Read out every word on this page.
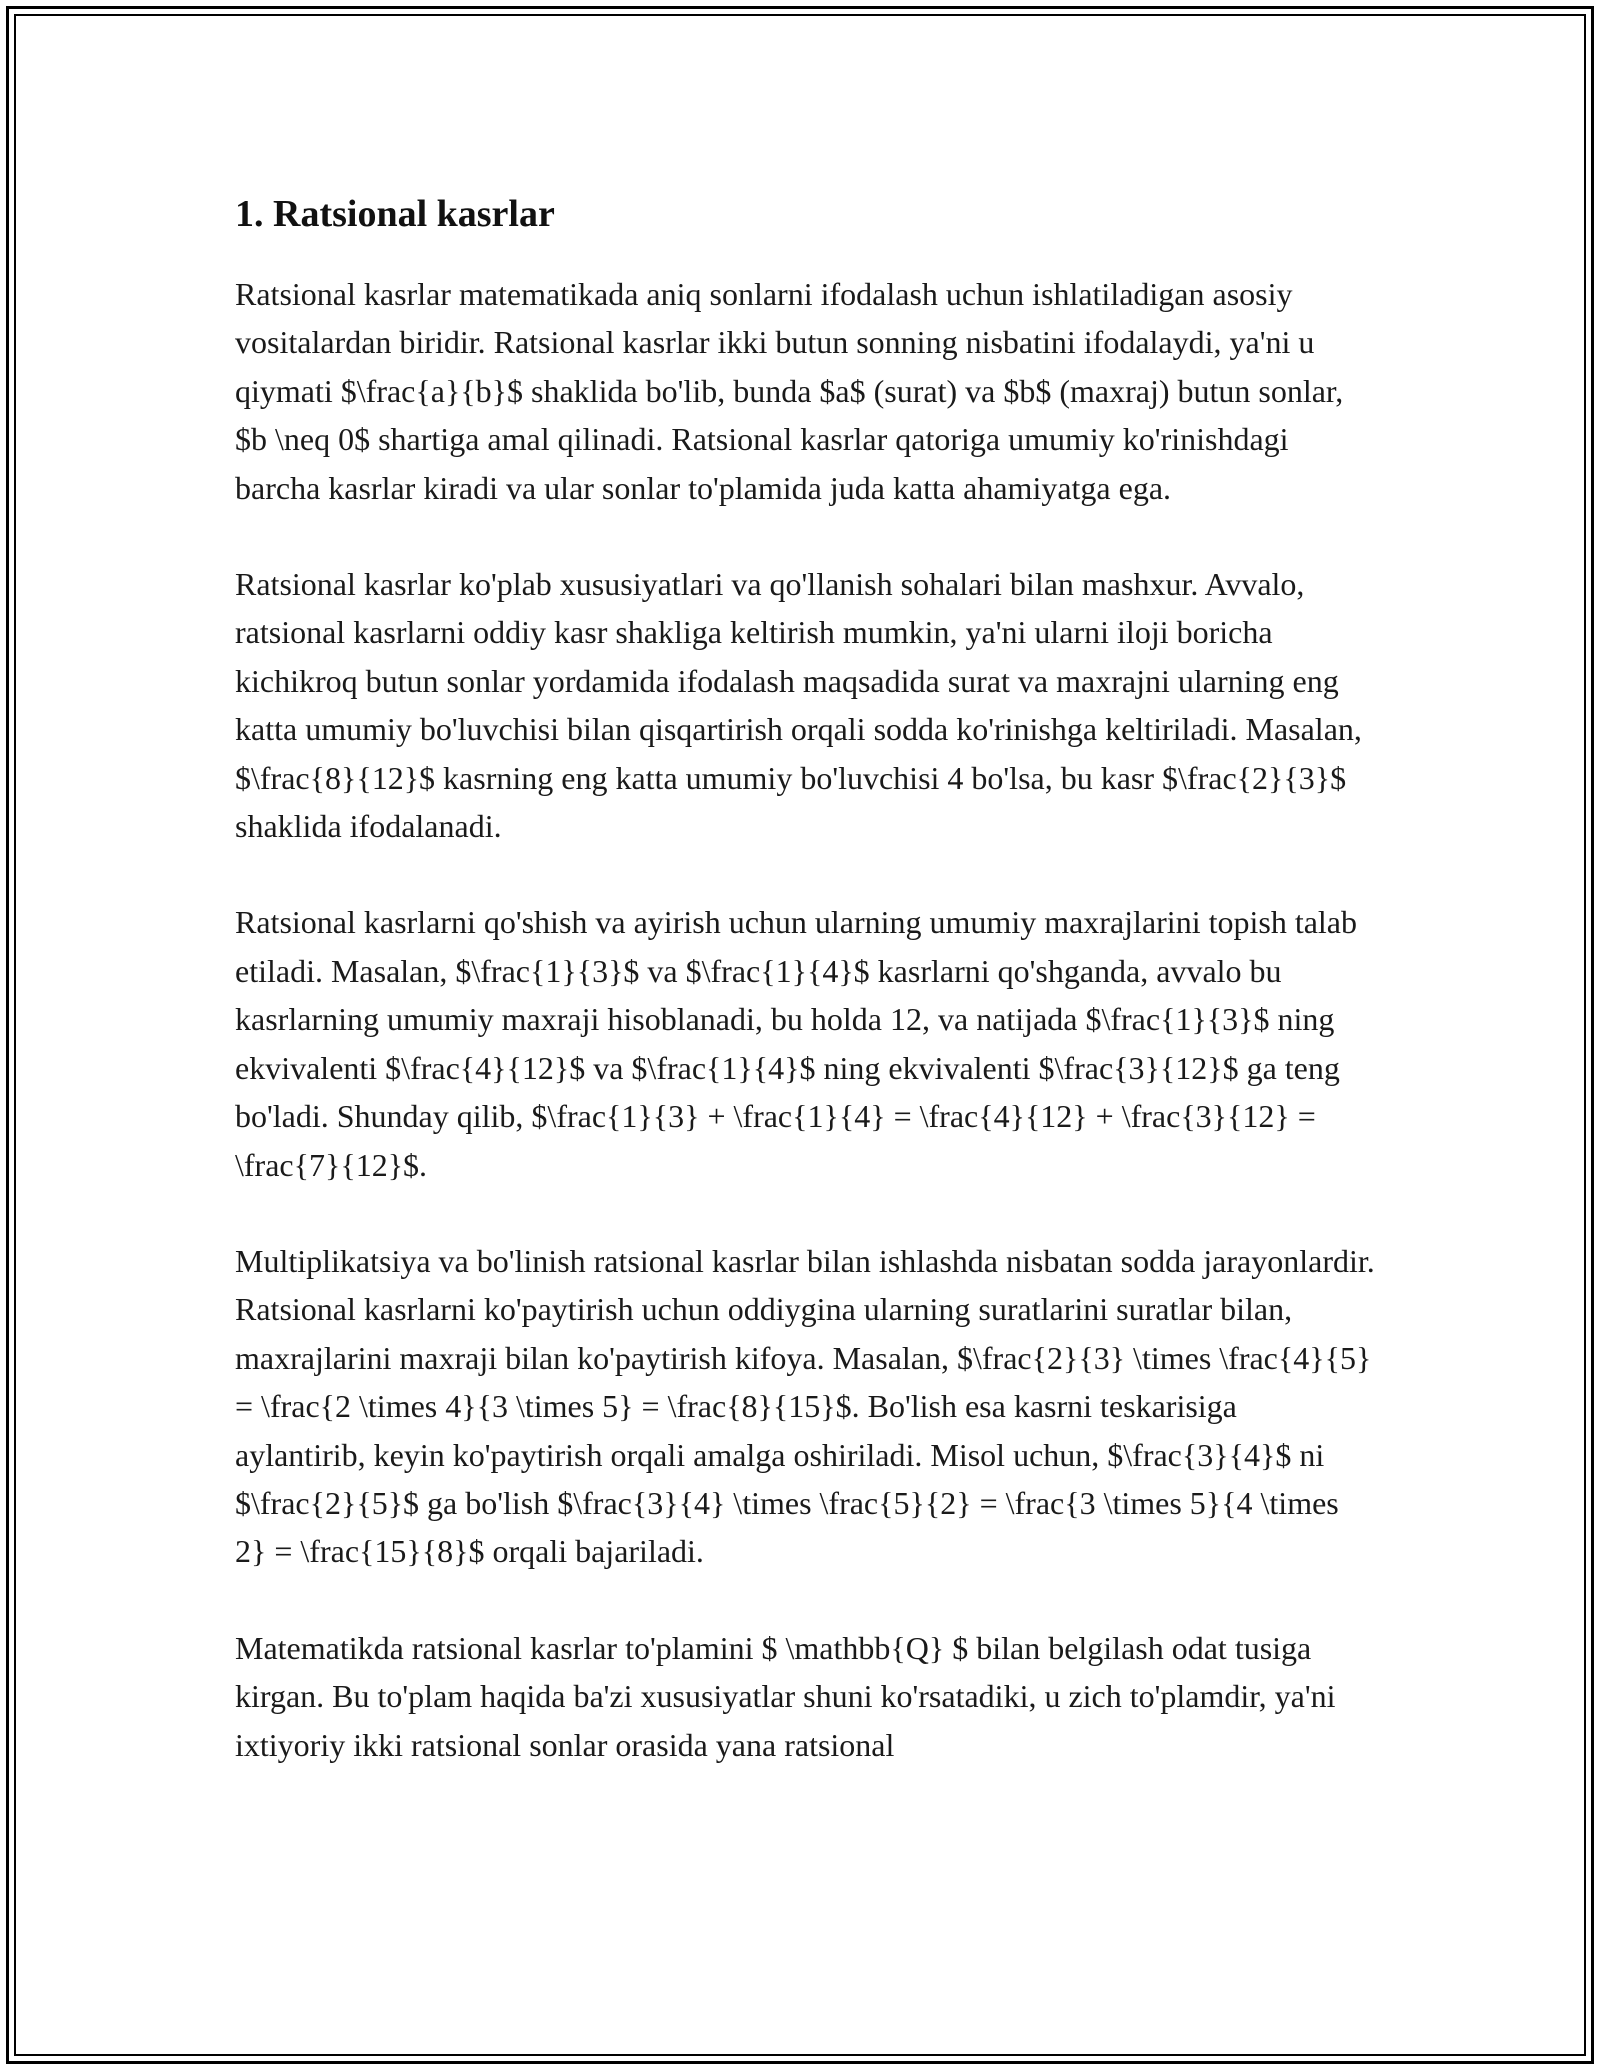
1. Ratsional kasrlar

Ratsional kasrlar matematikada aniq sonlarni ifodalash uchun ishlatiladigan asosiy vositalardan biridir. Ratsional kasrlar ikki butun sonning nisbatini ifodalaydi, ya'ni u qiymati $\frac{a}{b}$ shaklida bo'lib, bunda $a$ (surat) va $b$ (maxraj) butun sonlar, $b \neq 0$ shartiga amal qilinadi. Ratsional kasrlar qatoriga umumiy ko'rinishdagi barcha kasrlar kiradi va ular sonlar to'plamida juda katta ahamiyatga ega.

Ratsional kasrlar ko'plab xususiyatlari va qo'llanish sohalari bilan mashxur. Avvalo, ratsional kasrlarni oddiy kasr shakliga keltirish mumkin, ya'ni ularni iloji boricha kichikroq butun sonlar yordamida ifodalash maqsadida surat va maxrajni ularning eng katta umumiy bo'luvchisi bilan qisqartirish orqali sodda ko'rinishga keltiriladi. Masalan, $\frac{8}{12}$ kasrning eng katta umumiy bo'luvchisi 4 bo'lsa, bu kasr $\frac{2}{3}$ shaklida ifodalanadi.

Ratsional kasrlarni qo'shish va ayirish uchun ularning umumiy maxrajlarini topish talab etiladi. Masalan, $\frac{1}{3}$ va $\frac{1}{4}$ kasrlarni qo'shganda, avvalo bu kasrlarning umumiy maxraji hisoblanadi, bu holda 12, va natijada $\frac{1}{3}$ ning ekvivalenti $\frac{4}{12}$ va $\frac{1}{4}$ ning ekvivalenti $\frac{3}{12}$ ga teng bo'ladi. Shunday qilib, $\frac{1}{3} + \frac{1}{4} = \frac{4}{12} + \frac{3}{12} = \frac{7}{12}$.

Multiplikatsiya va bo'linish ratsional kasrlar bilan ishlashda nisbatan sodda jarayonlardir. Ratsional kasrlarni ko'paytirish uchun oddiygina ularning suratlarini suratlar bilan, maxrajlarini maxraji bilan ko'paytirish kifoya. Masalan, $\frac{2}{3} \times \frac{4}{5} = \frac{2 \times 4}{3 \times 5} = \frac{8}{15}$. Bo'lish esa kasrni teskarisiga aylantirib, keyin ko'paytirish orqali amalga oshiriladi. Misol uchun, $\frac{3}{4}$ ni $\frac{2}{5}$ ga bo'lish $\frac{3}{4} \times \frac{5}{2} = \frac{3 \times 5}{4 \times 2} = \frac{15}{8}$ orqali bajariladi.

Matematikda ratsional kasrlar to'plamini $ \mathbb{Q} $ bilan belgilash odat tusiga kirgan. Bu to'plam haqida ba'zi xususiyatlar shuni ko'rsatadiki, u zich to'plamdir, ya'ni ixtiyoriy ikki ratsional sonlar orasida yana ratsional
